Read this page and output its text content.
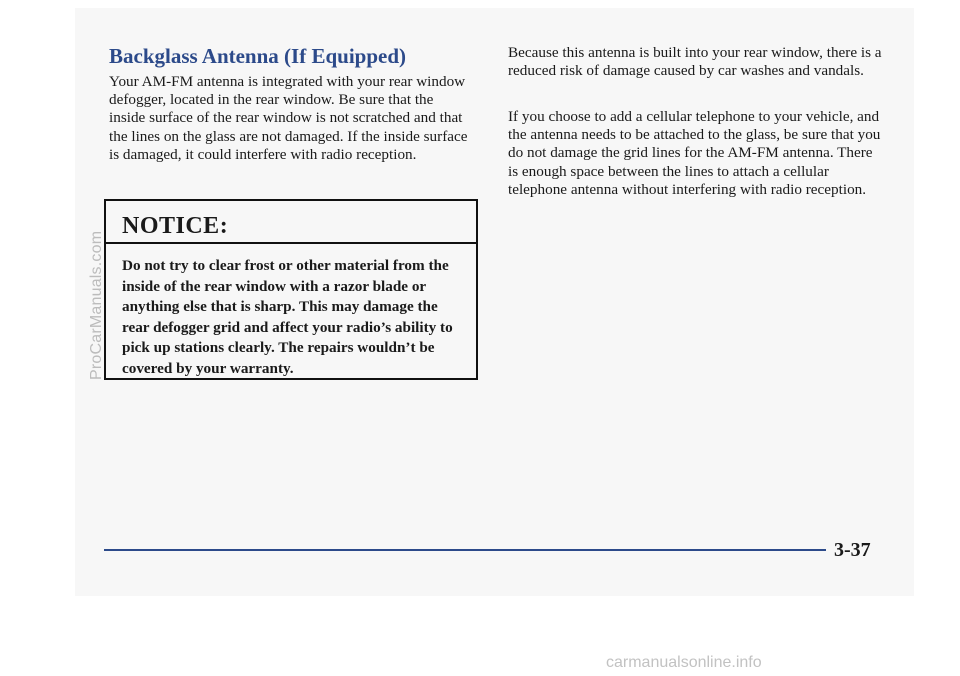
Backglass Antenna (If Equipped)

Your AM-FM antenna is integrated with your rear window defogger, located in the rear window. Be sure that the inside surface of the rear window is not scratched and that the lines on the glass are not damaged. If the inside surface is damaged, it could interfere with radio reception.

NOTICE:

Do not try to clear frost or other material from the inside of the rear window with a razor blade or anything else that is sharp. This may damage the rear defogger grid and affect your radio’s ability to pick up stations clearly. The repairs wouldn’t be covered by your warranty.

Because this antenna is built into your rear window, there is a reduced risk of damage caused by car washes and vandals.

If you choose to add a cellular telephone to your vehicle, and the antenna needs to be attached to the glass, be sure that you do not damage the grid lines for the AM-FM antenna. There is enough space between the lines to attach a cellular telephone antenna without interfering with radio reception.

3-37

ProCarManuals.com
carmanualsonline.info
